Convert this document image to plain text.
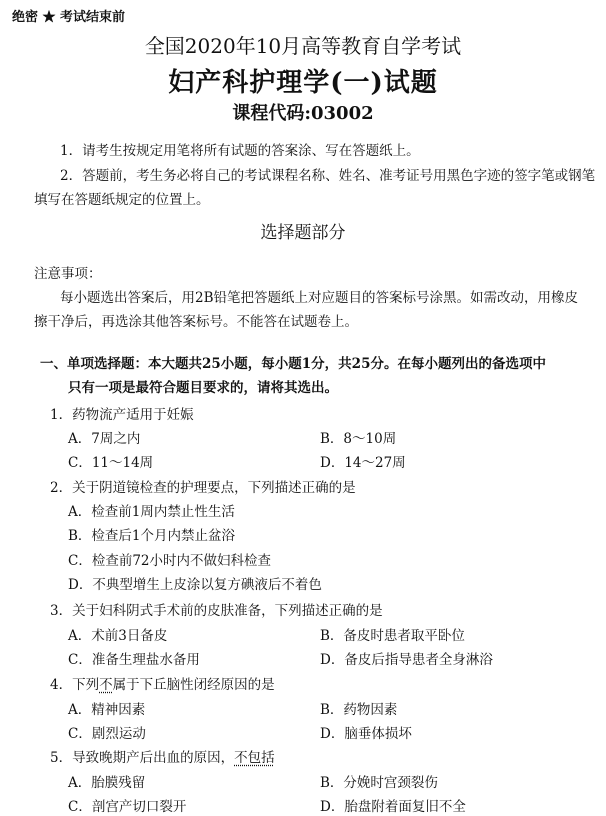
绝密 ★ 考试结束前
全国2020年10月高等教育自学考试
妇产科护理学(一)试题
课程代码:03002
1．请考生按规定用笔将所有试题的答案涂、写在答题纸上。
2．答题前，考生务必将自己的考试课程名称、姓名、准考证号用黑色字迹的签字笔或钢笔
填写在答题纸规定的位置上。
选择题部分
注意事项：
每小题选出答案后，用2B铅笔把答题纸上对应题目的答案标号涂黑。如需改动，用橡皮
擦干净后，再选涂其他答案标号。不能答在试题卷上。
一、单项选择题：本大题共25小题，每小题1分，共25分。在每小题列出的备选项中
只有一项是最符合题目要求的，请将其选出。
1．药物流产适用于妊娠
A．7周之内	B．8～10周
C．11～14周	D．14～27周
2．关于阴道镜检查的护理要点，下列描述正确的是
A．检查前1周内禁止性生活
B．检查后1个月内禁止盆浴
C．检查前72小时内不做妇科检查
D．不典型增生上皮涂以复方碘液后不着色
3．关于妇科阴式手术前的皮肤准备，下列描述正确的是
A．术前3日备皮	B．备皮时患者取平卧位
C．准备生理盐水备用	D．备皮后指导患者全身淋浴
4．下列不属于下丘脑性闭经原因的是
A．精神因素	B．药物因素
C．剧烈运动	D．脑垂体损坏
5．导致晚期产后出血的原因，不包括
A．胎膜残留	B．分娩时宫颈裂伤
C．剖宫产切口裂开	D．胎盘附着面复旧不全
